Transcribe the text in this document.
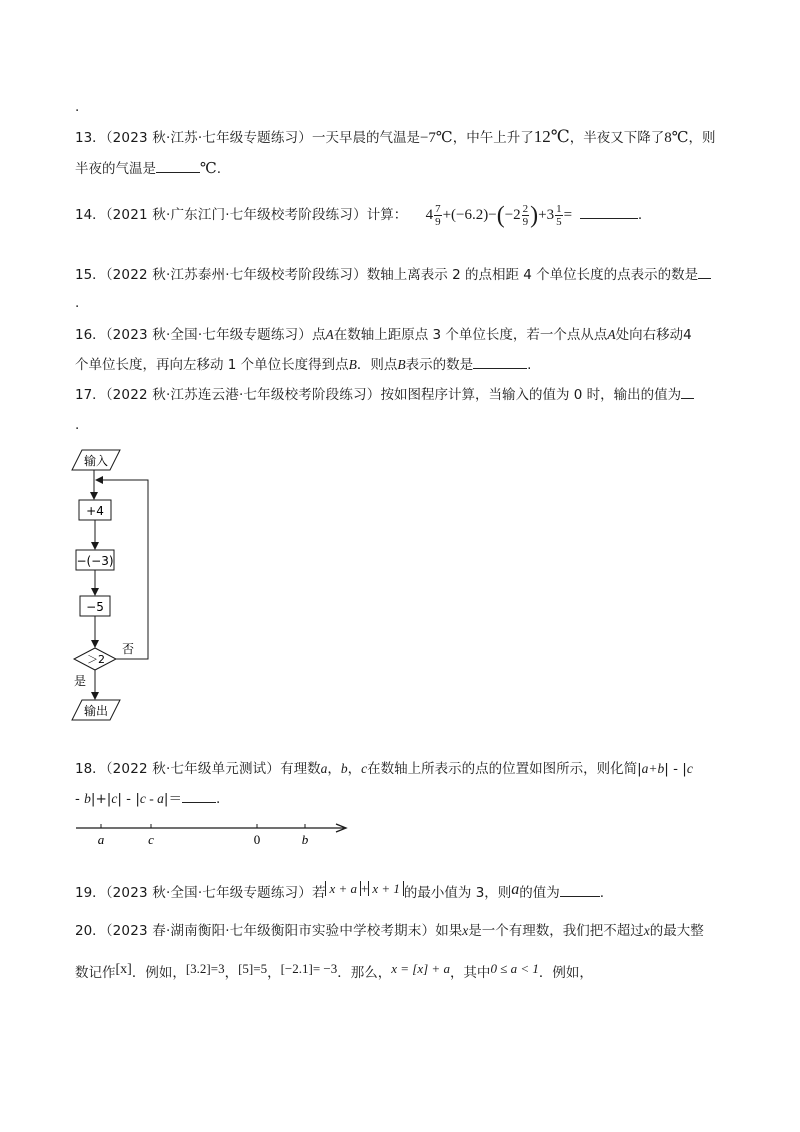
.
13．（2023 秋·江苏·七年级专题练习）一天早晨的气温是−7℃，中午上升了12℃，半夜又下降了8℃，则
半夜的气温是	℃.
14．（2021 秋·广东江门·七年级校考阶段练习）计算： $4 \frac{7}{9} +(-6.2)-(-2 \frac{2}{9} )+3 \frac{1}{5}$ =	.
15．（2022 秋·江苏泰州·七年级校考阶段练习）数轴上离表示 2 的点相距 4 个单位长度的点表示的数是
.
16．（2023 秋·全国·七年级专题练习）点A在数轴上距原点 3 个单位长度，若一个点从点A处向右移动4
个单位长度，再向左移动 1 个单位长度得到点B．则点B表示的数是	.
17．（2022 秋·江苏连云港·七年级校考阶段练习）按如图程序计算，当输入的值为 0 时，输出的值为
.
输入
+4
−(−3)
−5
＞2
否
是
输出
18．（2022 秋·七年级单元测试）有理数a，b，c在数轴上所表示的点的位置如图所示，则化简|a+b| - |c
- b|+|c| - |c - a|＝	.
a	c	0	b
19．（2023 秋·全国·七年级专题练习）若 x + a + x + 1 的最小值为 3，则a的值为	.
20．（2023 春·湖南衡阳·七年级衡阳市实验中学校考期末）如果x是一个有理数，我们把不超过x的最大整
数记作[x]．例如，[3.2]=3，[5]=5，[−2.1]= −3．那么，x = [x] + a，其中0 ≤ a < 1．例如，
